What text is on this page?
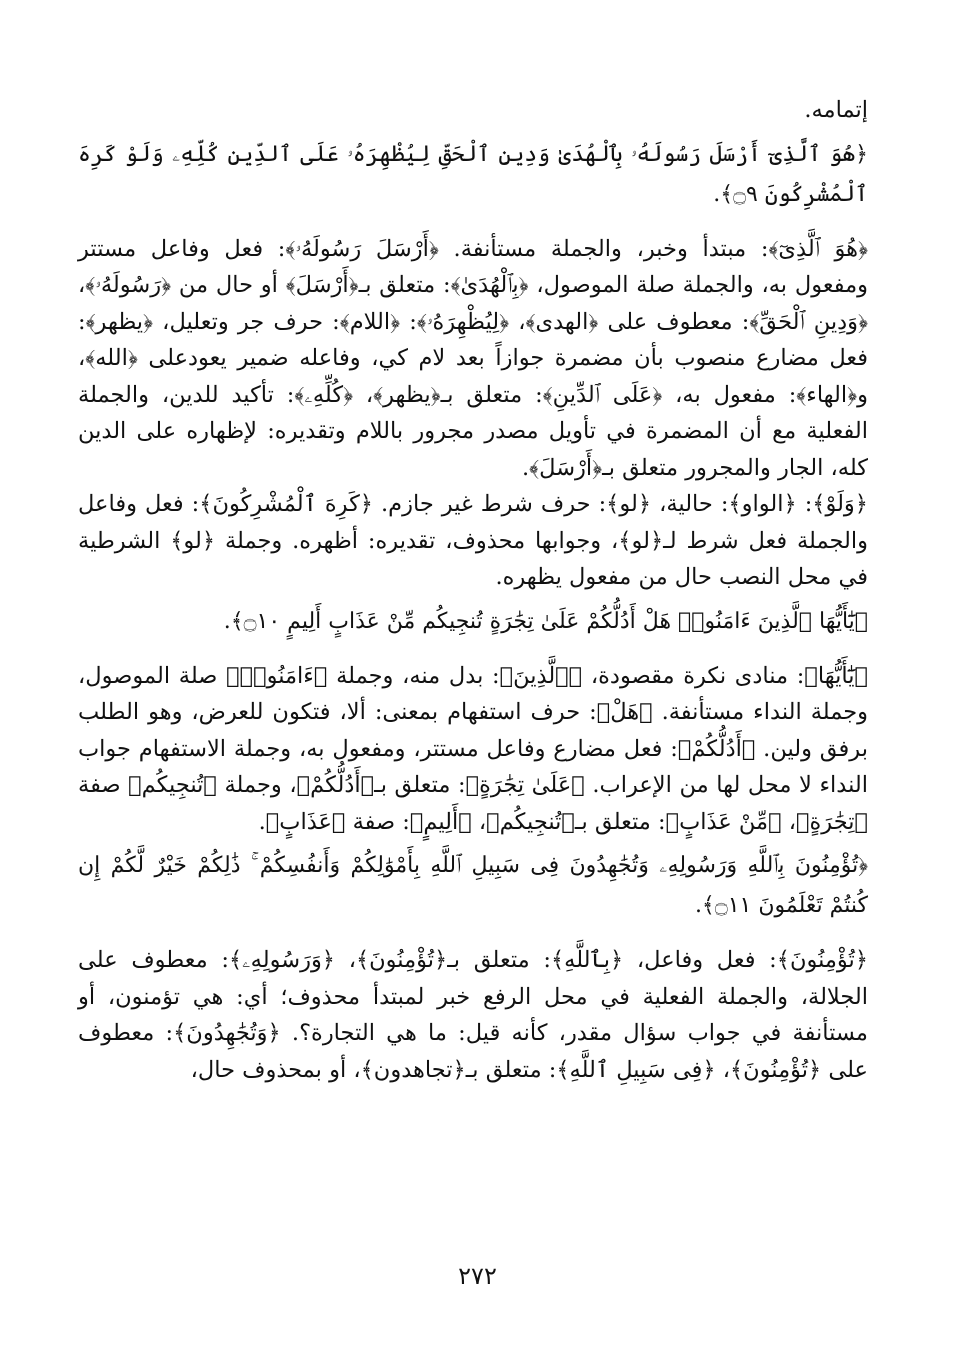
إتمامه.

﴿هُوَ ٱلَّذِىٓ أَرْسَلَ رَسُولَهُۥ بِٱلْهُدَىٰ وَدِينِ ٱلْحَقِّ لِيُظْهِرَهُۥ عَلَى ٱلدِّينِ كُلِّهِۦ وَلَوْ كَرِهَ ٱلْمُشْرِكُونَ ۝٩﴾.

﴿هُوَ ٱلَّذِىٓ﴾: مبتدأ وخبر، والجملة مستأنفة. ﴿أَرْسَلَ رَسُولَهُۥ﴾: فعل وفاعل مستتر ومفعول به، والجملة صلة الموصول، ﴿بِٱلْهُدَىٰ﴾: متعلق بـ﴿أَرْسَلَ﴾ أو حال من ﴿رَسُولَهُۥ﴾، ﴿وَدِينِ ٱلْحَقِّ﴾: معطوف على ﴿الهدى﴾، ﴿لِيُظْهِرَهُۥ﴾: ﴿اللام﴾: حرف جر وتعليل، ﴿يظهر﴾: فعل مضارع منصوب بأن مضمرة جوازاً بعد لام كي، وفاعله ضمير يعودعلى ﴿الله﴾، و﴿الهاء﴾: مفعول به، ﴿عَلَى ٱلدِّينِ﴾: متعلق بـ﴿يظهر﴾، ﴿كُلِّهِۦ﴾: تأكيد للدين، والجملة الفعلية مع أن المضمرة في تأويل مصدر مجرور باللام وتقديره: لإظهاره على الدين كله، الجار والمجرور متعلق بـ﴿أَرْسَلَ﴾.

﴿وَلَوْ﴾: ﴿الواو﴾: حالية، ﴿لو﴾: حرف شرط غير جازم. ﴿كَرِهَ ٱلْمُشْرِكُونَ﴾: فعل وفاعل والجملة فعل شرط لـ﴿لو﴾، وجوابها محذوف، تقديره: أظهره. وجملة ﴿لو﴾ الشرطية في محل النصب حال من مفعول يظهره.

﴿يَٰٓأَيُّهَا ٱلَّذِينَ ءَامَنُوا۟ هَلْ أَدُلُّكُمْ عَلَىٰ تِجَٰرَةٍ تُنجِيكُم مِّنْ عَذَابٍ أَلِيمٍ ۝١٠﴾.

﴿يَٰٓأَيُّهَا﴾: منادى نكرة مقصودة، ﴿ٱلَّذِينَ﴾: بدل منه، وجملة ﴿ءَامَنُوا۟﴾ صلة الموصول، وجملة النداء مستأنفة. ﴿هَلْ﴾: حرف استفهام بمعنى: ألا، فتكون للعرض، وهو الطلب برفق ولين. ﴿أَدُلُّكُمْ﴾: فعل مضارع وفاعل مستتر، ومفعول به، وجملة الاستفهام جواب النداء لا محل لها من الإعراب. ﴿عَلَىٰ تِجَٰرَةٍ﴾: متعلق بـ﴿أَدُلُّكُمْ﴾، وجملة ﴿تُنجِيكُم﴾ صفة ﴿تِجَٰرَةٍ﴾، ﴿مِّنْ عَذَابٍ﴾: متعلق بـ﴿تُنجِيكُم﴾، ﴿أَلِيمٍ﴾: صفة ﴿عَذَابٍ﴾.

﴿تُؤْمِنُونَ بِٱللَّهِ وَرَسُولِهِۦ وَتُجَٰهِدُونَ فِى سَبِيلِ ٱللَّهِ بِأَمْوَٰلِكُمْ وَأَنفُسِكُمْ ۚ ذَٰلِكُمْ خَيْرٌ لَّكُمْ إِن كُنتُمْ تَعْلَمُونَ ۝١١﴾.

﴿تُؤْمِنُونَ﴾: فعل وفاعل، ﴿بِٱللَّهِ﴾: متعلق بـ﴿تُؤْمِنُونَ﴾، ﴿وَرَسُولِهِۦ﴾: معطوف على الجلالة، والجملة الفعلية في محل الرفع خبر لمبتدأ محذوف؛ أي: هي تؤمنون، أو مستأنفة في جواب سؤال مقدر، كأنه قيل: ما هي التجارة؟. ﴿وَتُجَٰهِدُونَ﴾: معطوف على ﴿تُؤْمِنُونَ﴾، ﴿فِى سَبِيلِ ٱللَّهِ﴾: متعلق بـ﴿تجاهدون﴾، أو بمحذوف حال،

٢٧٢
